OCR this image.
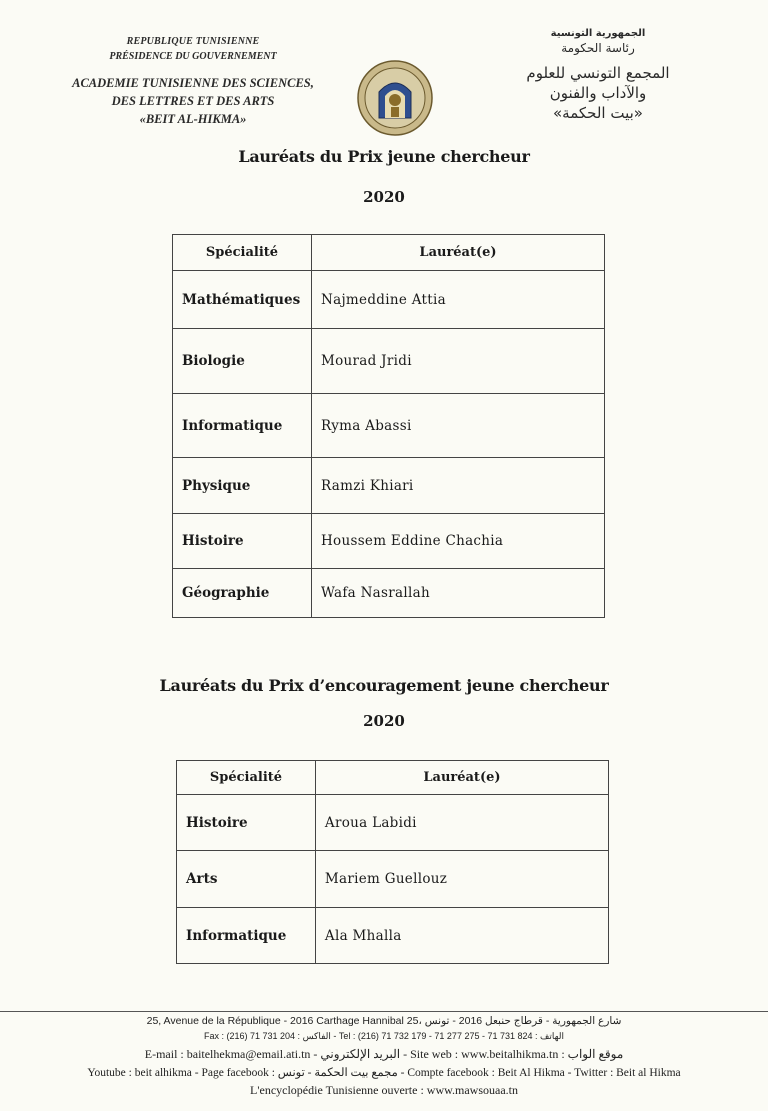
REPUBLIQUE TUNISIENNE
PRÉSIDENCE DU GOUVERNEMENT
ACADEMIE TUNISIENNE DES SCIENCES,
DES LETTRES ET DES ARTS
«BEIT AL-HIKMA»
الجمهورية التونسية
رئاسة الحكومة
المجمع التونسي للعلوم
والآداب والفنون
«بيت الحكمة»
Lauréats du Prix jeune chercheur
2020
Spécialité	Lauréat(e)
Mathématiques	Najmeddine Attia
Biologie	Mourad Jridi
Informatique	Ryma Abassi
Physique	Ramzi Khiari
Histoire	Houssem Eddine Chachia
Géographie	Wafa Nasrallah
Lauréats du Prix d’encouragement jeune chercheur
2020
Spécialité	Lauréat(e)
Histoire	Aroua Labidi
Arts	Mariem Guellouz
Informatique	Ala Mhalla
25, Avenue de la République - 2016 Carthage Hannibal 25، شارع الجمهورية - قرطاج حنبعل 2016 - تونس
Fax : (216) 71 731 204 : الفاكس - Tel : (216) 71 732 179 - 71 277 275 - 71 731 824 : الهاتف
E-mail : baitelhekma@email.ati.tn - البريد الإلكتروني - Site web : www.beitalhikma.tn : موقع الواب
Youtube : beit alhikma - Page facebook : مجمع بيت الحكمة - تونس - Compte facebook : Beit Al Hikma - Twitter : Beit al Hikma
L'encyclopédie Tunisienne ouverte : www.mawsouaa.tn
